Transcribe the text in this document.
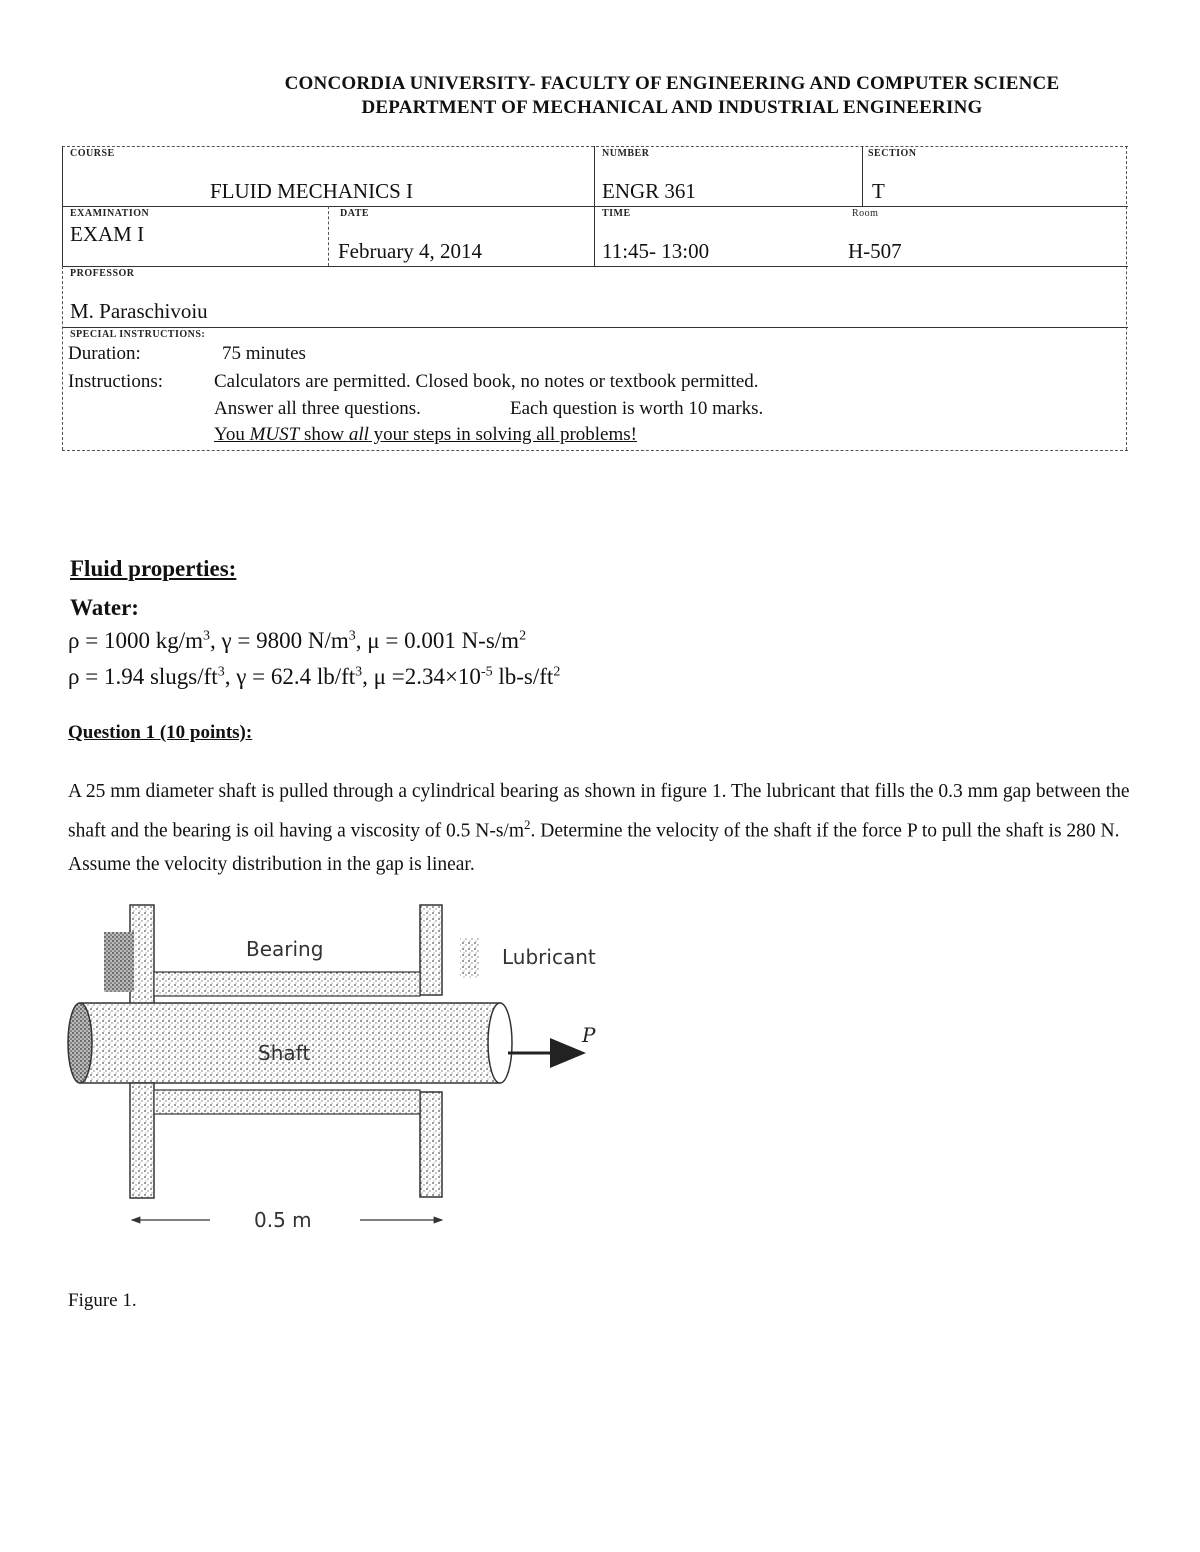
CONCORDIA UNIVERSITY- FACULTY OF ENGINEERING AND COMPUTER SCIENCE
DEPARTMENT OF MECHANICAL AND INDUSTRIAL ENGINEERING
COURSE
FLUID MECHANICS I
NUMBER
ENGR 361
SECTION
T
EXAMINATION
EXAM I
DATE
February 4, 2014
TIME
11:45- 13:00
Room
H-507
PROFESSOR
M. Paraschivoiu
SPECIAL INSTRUCTIONS:
Duration:	75 minutes
Instructions:	Calculators are permitted. Closed book, no notes or textbook permitted.
Answer all three questions.	Each question is worth 10 marks.
You MUST show all your steps in solving all problems!
Fluid properties:
Water:
ρ = 1000 $kg/m^3$, γ = 9800 $N/m^3$, μ = 0.001 $N-s/m^2$
ρ = 1.94 slugs/$ft^3$, γ = 62.4 $lb/ft^3$, $\mu =2.34\times 10^{-5}$ $lb-s/ft^2$
Question 1 (10 points):
A 25 mm diameter shaft is pulled through a cylindrical bearing as shown in figure 1. The lubricant that fills the 0.3 mm gap between the shaft and the bearing is oil having a viscosity of 0.5 $N-s/m^2$. Determine the velocity of the shaft if the force P to pull the shaft is 280 N. Assume the velocity distribution in the gap is linear.
Bearing	Lubricant
Shaft
P
0.5 m
Figure 1.
